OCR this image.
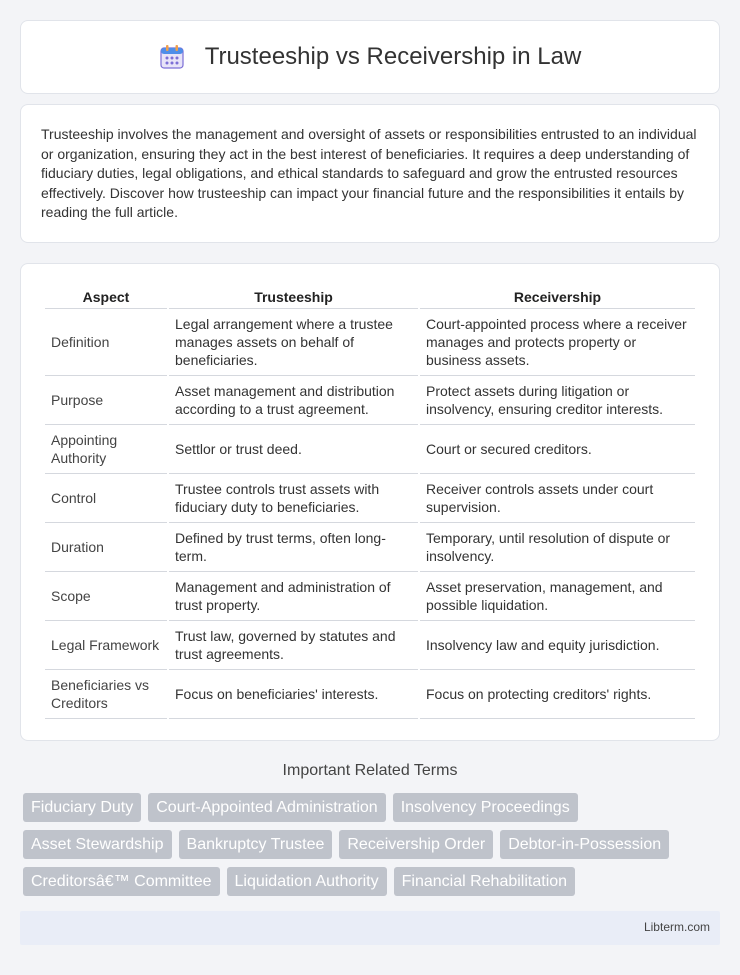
Trusteeship vs Receivership in Law

Trusteeship involves the management and oversight of assets or responsibilities entrusted to an individual or organization, ensuring they act in the best interest of beneficiaries. It requires a deep understanding of fiduciary duties, legal obligations, and ethical standards to safeguard and grow the entrusted resources effectively. Discover how trusteeship can impact your financial future and the responsibilities it entails by reading the full article.

Aspect	Trusteeship	Receivership
Definition	Legal arrangement where a trustee manages assets on behalf of beneficiaries.	Court-appointed process where a receiver manages and protects property or business assets.
Purpose	Asset management and distribution according to a trust agreement.	Protect assets during litigation or insolvency, ensuring creditor interests.
Appointing Authority	Settlor or trust deed.	Court or secured creditors.
Control	Trustee controls trust assets with fiduciary duty to beneficiaries.	Receiver controls assets under court supervision.
Duration	Defined by trust terms, often long-term.	Temporary, until resolution of dispute or insolvency.
Scope	Management and administration of trust property.	Asset preservation, management, and possible liquidation.
Legal Framework	Trust law, governed by statutes and trust agreements.	Insolvency law and equity jurisdiction.
Beneficiaries vs Creditors	Focus on beneficiaries' interests.	Focus on protecting creditors' rights.
Important Related Terms
Fiduciary Duty	Court-Appointed Administration	Insolvency Proceedings
Asset Stewardship	Bankruptcy Trustee	Receivership Order	Debtor-in-Possession
Creditorsâ€™ Committee	Liquidation Authority	Financial Rehabilitation
Libterm.com
